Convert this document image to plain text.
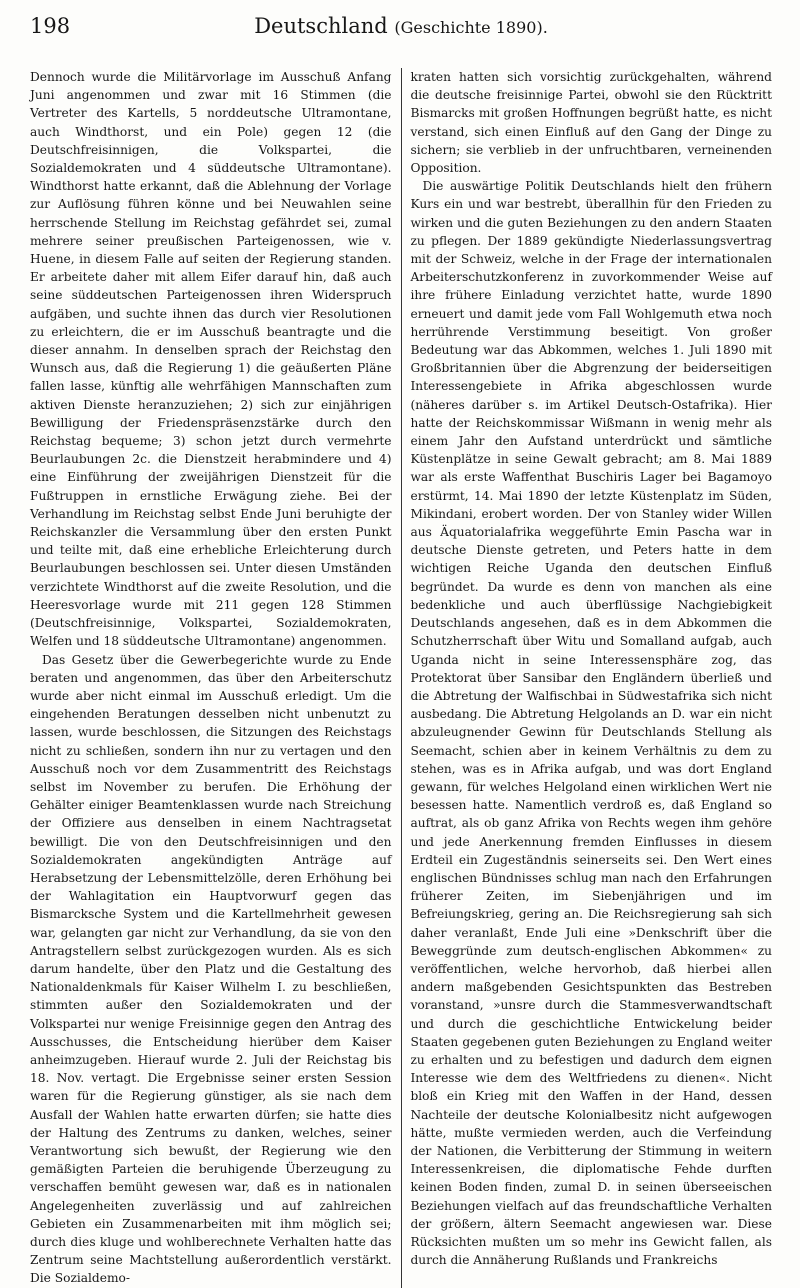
198	Deutschland (Geschichte 1890).

Dennoch wurde die Militärvorlage im Ausschuß Anfang Juni angenommen und zwar mit 16 Stimmen (die Vertreter des Kartells, 5 norddeutsche Ultramontane, auch Windthorst, und ein Pole) gegen 12 (die Deutschfreisinnigen, die Volkspartei, die Sozialdemokraten und 4 süddeutsche Ultramontane). Windthorst hatte erkannt, daß die Ablehnung der Vorlage zur Auflösung führen könne und bei Neuwahlen seine herrschende Stellung im Reichstag gefährdet sei, zumal mehrere seiner preußischen Parteigenossen, wie v. Huene, in diesem Falle auf seiten der Regierung standen. Er arbeitete daher mit allem Eifer darauf hin, daß auch seine süddeutschen Parteigenossen ihren Widerspruch aufgäben, und suchte ihnen das durch vier Resolutionen zu erleichtern, die er im Ausschuß beantragte und die dieser annahm. In denselben sprach der Reichstag den Wunsch aus, daß die Regierung 1) die geäußerten Pläne fallen lasse, künftig alle wehrfähigen Mannschaften zum aktiven Dienste heranzuziehen; 2) sich zur einjährigen Bewilligung der Friedenspräsenzstärke durch den Reichstag bequeme; 3) schon jetzt durch vermehrte Beurlaubungen 2c. die Dienstzeit herabmindere und 4) eine Einführung der zweijährigen Dienstzeit für die Fußtruppen in ernstliche Erwägung ziehe. Bei der Verhandlung im Reichstag selbst Ende Juni beruhigte der Reichskanzler die Versammlung über den ersten Punkt und teilte mit, daß eine erhebliche Erleichterung durch Beurlaubungen beschlossen sei. Unter diesen Umständen verzichtete Windthorst auf die zweite Resolution, und die Heeresvorlage wurde mit 211 gegen 128 Stimmen (Deutschfreisinnige, Volkspartei, Sozialdemokraten, Welfen und 18 süddeutsche Ultramontane) angenommen.

Das Gesetz über die Gewerbegerichte wurde zu Ende beraten und angenommen, das über den Arbeiterschutz wurde aber nicht einmal im Ausschuß erledigt. Um die eingehenden Beratungen desselben nicht unbenutzt zu lassen, wurde beschlossen, die Sitzungen des Reichstags nicht zu schließen, sondern ihn nur zu vertagen und den Ausschuß noch vor dem Zusammentritt des Reichstags selbst im November zu berufen. Die Erhöhung der Gehälter einiger Beamtenklassen wurde nach Streichung der Offiziere aus denselben in einem Nachtragsetat bewilligt. Die von den Deutschfreisinnigen und den Sozialdemokraten angekündigten Anträge auf Herabsetzung der Lebensmittelzölle, deren Erhöhung bei der Wahlagitation ein Hauptvorwurf gegen das Bismarcksche System und die Kartellmehrheit gewesen war, gelangten gar nicht zur Verhandlung, da sie von den Antragstellern selbst zurückgezogen wurden. Als es sich darum handelte, über den Platz und die Gestaltung des Nationaldenkmals für Kaiser Wilhelm I. zu beschließen, stimmten außer den Sozialdemokraten und der Volkspartei nur wenige Freisinnige gegen den Antrag des Ausschusses, die Entscheidung hierüber dem Kaiser anheimzugeben. Hierauf wurde 2. Juli der Reichstag bis 18. Nov. vertagt. Die Ergebnisse seiner ersten Session waren für die Regierung günstiger, als sie nach dem Ausfall der Wahlen hatte erwarten dürfen; sie hatte dies der Haltung des Zentrums zu danken, welches, seiner Verantwortung sich bewußt, der Regierung wie den gemäßigten Parteien die beruhigende Überzeugung zu verschaffen bemüht gewesen war, daß es in nationalen Angelegenheiten zuverlässig und auf zahlreichen Gebieten ein Zusammenarbeiten mit ihm möglich sei; durch dies kluge und wohlberechnete Verhalten hatte das Zentrum seine Machtstellung außerordentlich verstärkt. Die Sozialdemo-

kraten hatten sich vorsichtig zurückgehalten, während die deutsche freisinnige Partei, obwohl sie den Rücktritt Bismarcks mit großen Hoffnungen begrüßt hatte, es nicht verstand, sich einen Einfluß auf den Gang der Dinge zu sichern; sie verblieb in der unfruchtbaren, verneinenden Opposition.

Die auswärtige Politik Deutschlands hielt den frühern Kurs ein und war bestrebt, überallhin für den Frieden zu wirken und die guten Beziehungen zu den andern Staaten zu pflegen. Der 1889 gekündigte Niederlassungsvertrag mit der Schweiz, welche in der Frage der internationalen Arbeiterschutzkonferenz in zuvorkommender Weise auf ihre frühere Einladung verzichtet hatte, wurde 1890 erneuert und damit jede vom Fall Wohlgemuth etwa noch herrührende Verstimmung beseitigt. Von großer Bedeutung war das Abkommen, welches 1. Juli 1890 mit Großbritannien über die Abgrenzung der beiderseitigen Interessengebiete in Afrika abgeschlossen wurde (näheres darüber s. im Artikel Deutsch-Ostafrika). Hier hatte der Reichskommissar Wißmann in wenig mehr als einem Jahr den Aufstand unterdrückt und sämtliche Küstenplätze in seine Gewalt gebracht; am 8. Mai 1889 war als erste Waffenthat Buschiris Lager bei Bagamoyo erstürmt, 14. Mai 1890 der letzte Küstenplatz im Süden, Mikindani, erobert worden. Der von Stanley wider Willen aus Äquatorialafrika weggeführte Emin Pascha war in deutsche Dienste getreten, und Peters hatte in dem wichtigen Reiche Uganda den deutschen Einfluß begründet. Da wurde es denn von manchen als eine bedenkliche und auch überflüssige Nachgiebigkeit Deutschlands angesehen, daß es in dem Abkommen die Schutzherrschaft über Witu und Somalland aufgab, auch Uganda nicht in seine Interessensphäre zog, das Protektorat über Sansibar den Engländern überließ und die Abtretung der Walfischbai in Südwestafrika sich nicht ausbedang. Die Abtretung Helgolands an D. war ein nicht abzuleugnender Gewinn für Deutschlands Stellung als Seemacht, schien aber in keinem Verhältnis zu dem zu stehen, was es in Afrika aufgab, und was dort England gewann, für welches Helgoland einen wirklichen Wert nie besessen hatte. Namentlich verdroß es, daß England so auftrat, als ob ganz Afrika von Rechts wegen ihm gehöre und jede Anerkennung fremden Einflusses in diesem Erdteil ein Zugeständnis seinerseits sei. Den Wert eines englischen Bündnisses schlug man nach den Erfahrungen früherer Zeiten, im Siebenjährigen und im Befreiungskrieg, gering an. Die Reichsregierung sah sich daher veranlaßt, Ende Juli eine »Denkschrift über die Beweggründe zum deutsch-englischen Abkommen« zu veröffentlichen, welche hervorhob, daß hierbei allen andern maßgebenden Gesichtspunkten das Bestreben voranstand, »unsre durch die Stammesverwandtschaft und durch die geschichtliche Entwickelung beider Staaten gegebenen guten Beziehungen zu England weiter zu erhalten und zu befestigen und dadurch dem eignen Interesse wie dem des Weltfriedens zu dienen«. Nicht bloß ein Krieg mit den Waffen in der Hand, dessen Nachteile der deutsche Kolonialbesitz nicht aufgewogen hätte, mußte vermieden werden, auch die Verfeindung der Nationen, die Verbitterung der Stimmung in weitern Interessenkreisen, die diplomatische Fehde durften keinen Boden finden, zumal D. in seinen überseeischen Beziehungen vielfach auf das freundschaftliche Verhalten der größern, ältern Seemacht angewiesen war. Diese Rücksichten mußten um so mehr ins Gewicht fallen, als durch die Annäherung Rußlands und Frankreichs
